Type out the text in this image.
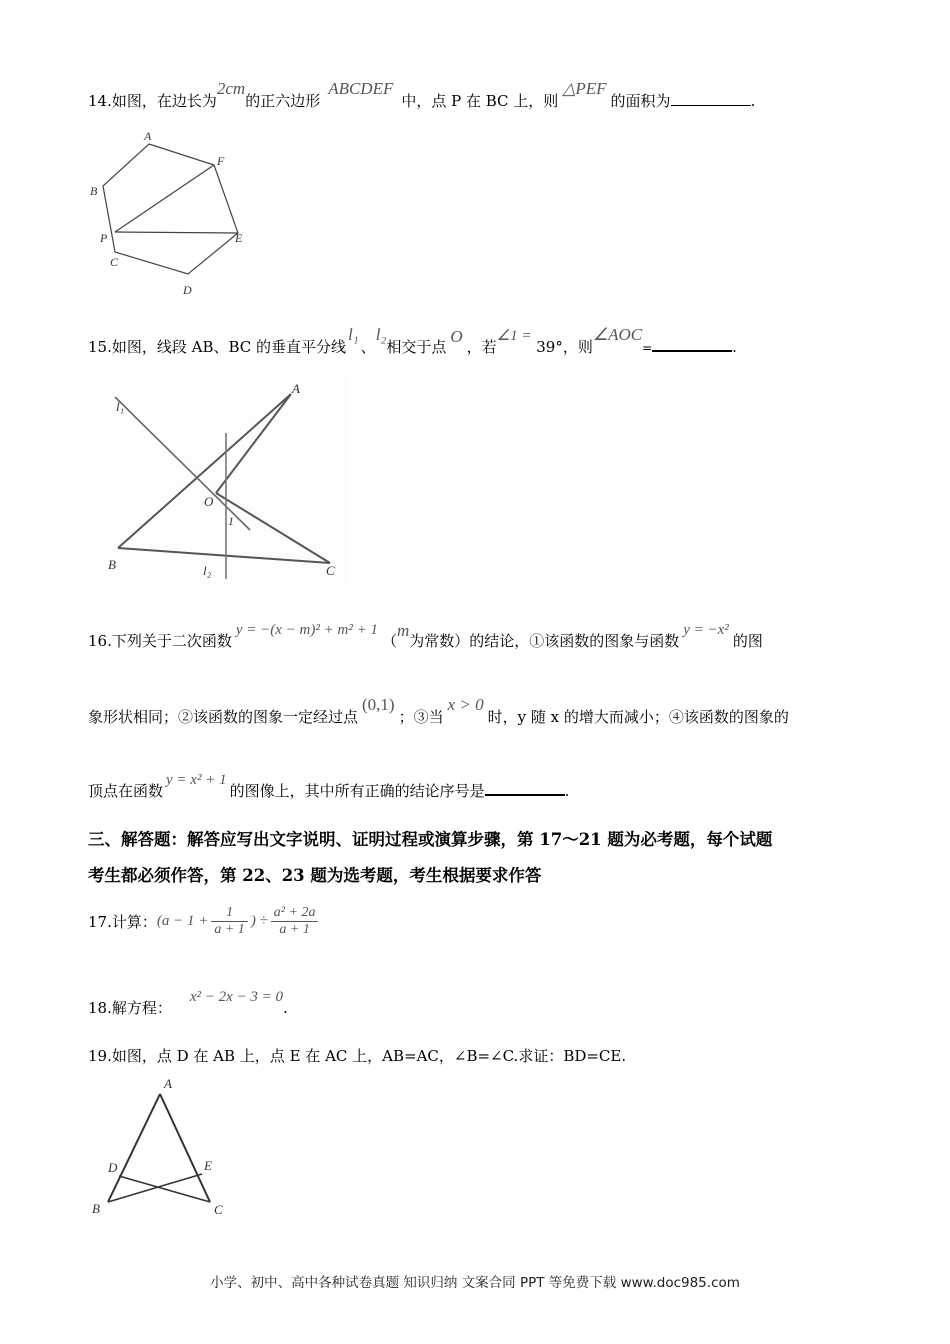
14.如图，在边长为2cm的正六边形ABCDEF中，点 P 在 BC 上，则△PEF的面积为	.
A
F
B
P	E
C
D
15.如图，线段 AB、BC 的垂直平分线l₁、l₂相交于点O，若∠1 = 39°，则∠AOC=	.
l₁
A
O
1
B	l₂	C
16.下列关于二次函数y = −(x − m)² + m² + 1（m为常数）的结论，①该函数的图象与函数y = −x²的图
象形状相同；②该函数的图象一定经过点(0,1)；③当x > 0时，y 随 x 的增大而减小；④该函数的图象的
顶点在函数y = x² + 1的图像上，其中所有正确的结论序号是	.
三、解答题：解答应写出文字说明、证明过程或演算步骤，第 17～21 题为必考题，每个试题
考生都必须作答，第 22、23 题为选考题，考生根据要求作答
17.计算：($a - 1 + \frac{1}{a + 1}$ ) ÷ $\frac{\text{a² + 2a}}{a + 1}$
18.解方程：x² − 2x − 3 = 0.
19.如图，点 D 在 AB 上，点 E 在 AC 上，AB=AC，∠B=∠C.求证：BD=CE.
A
D	E
B	C
小学、初中、高中各种试卷真题 知识归纳 文案合同 PPT 等免费下载 www.doc985.com
